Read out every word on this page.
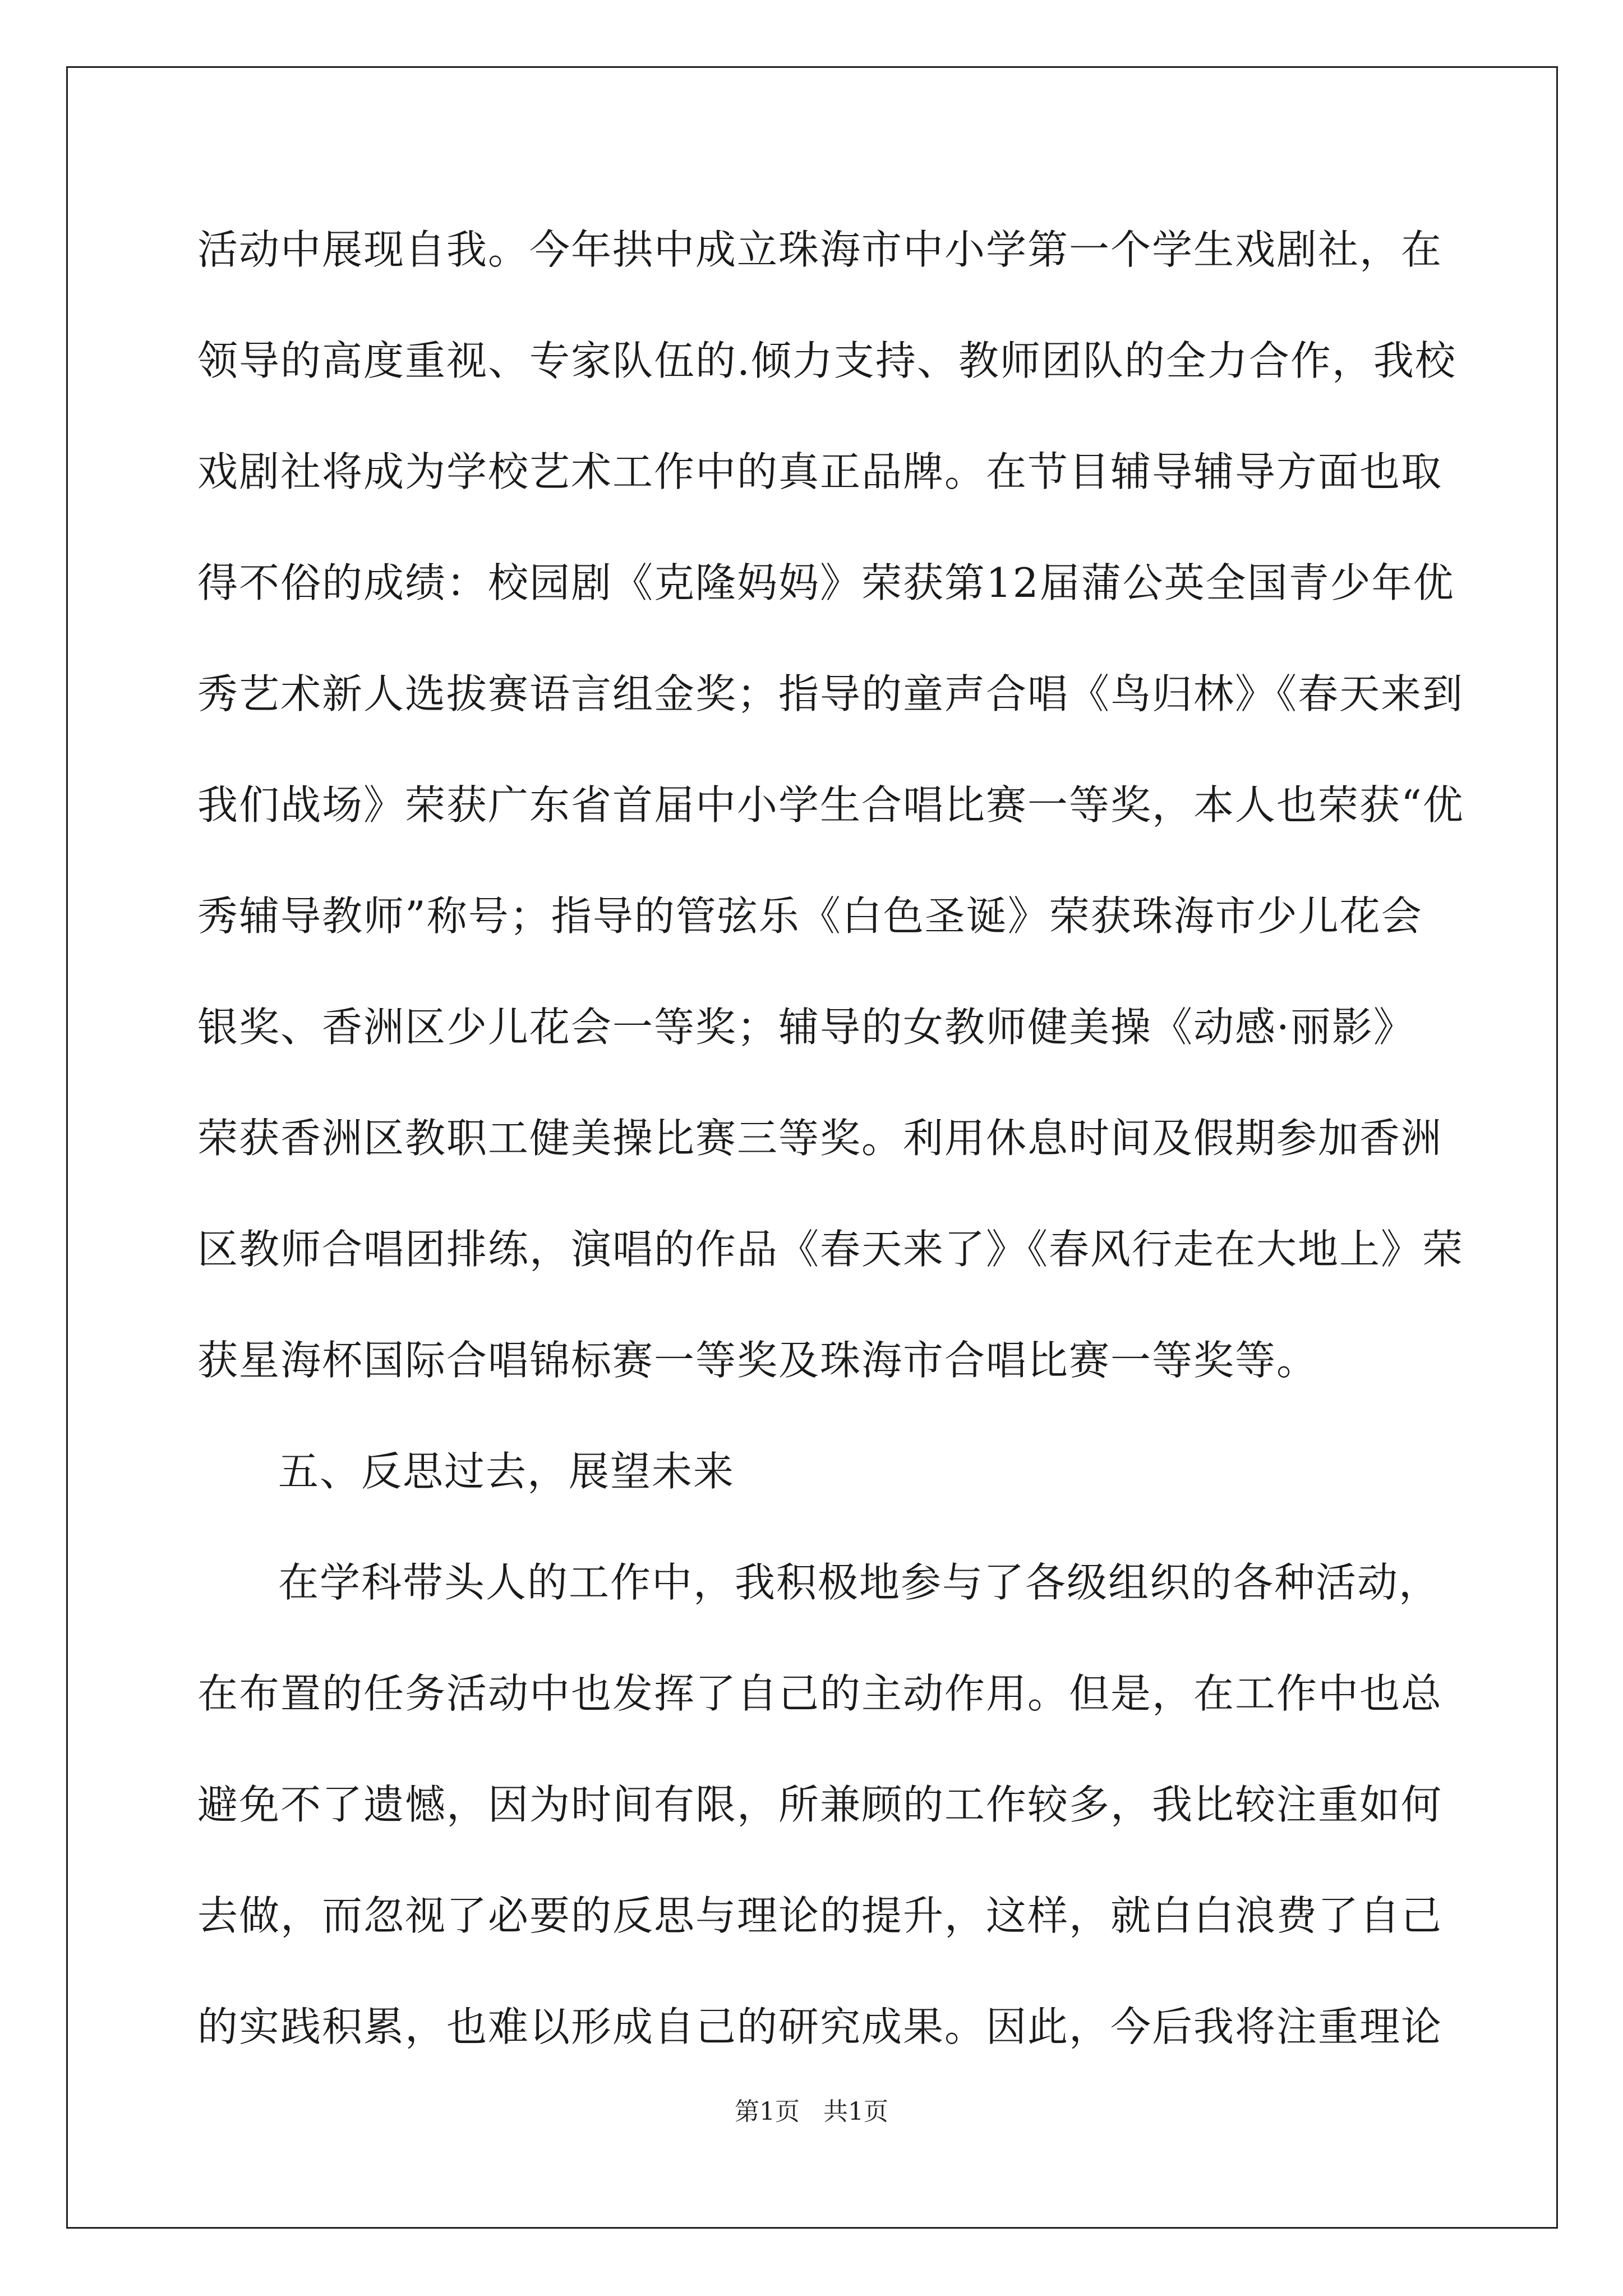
活动中展现自我。今年拱中成立珠海市中小学第一个学生戏剧社，在
领导的高度重视、专家队伍的.倾力支持、教师团队的全力合作，我校
戏剧社将成为学校艺术工作中的真正品牌。在节目辅导辅导方面也取
得不俗的成绩：校园剧《克隆妈妈》荣获第12届蒲公英全国青少年优
秀艺术新人选拔赛语言组金奖；指导的童声合唱《鸟归林》《春天来到
我们战场》荣获广东省首届中小学生合唱比赛一等奖，本人也荣获“优
秀辅导教师”称号；指导的管弦乐《白色圣诞》荣获珠海市少儿花会
银奖、香洲区少儿花会一等奖；辅导的女教师健美操《动感·丽影》
荣获香洲区教职工健美操比赛三等奖。利用休息时间及假期参加香洲
区教师合唱团排练，演唱的作品《春天来了》《春风行走在大地上》荣
获星海杯国际合唱锦标赛一等奖及珠海市合唱比赛一等奖等。
五、反思过去，展望未来
在学科带头人的工作中，我积极地参与了各级组织的各种活动，
在布置的任务活动中也发挥了自己的主动作用。但是，在工作中也总
避免不了遗憾，因为时间有限，所兼顾的工作较多，我比较注重如何
去做，而忽视了必要的反思与理论的提升，这样，就白白浪费了自己
的实践积累，也难以形成自己的研究成果。因此，今后我将注重理论
第1页   共1页
